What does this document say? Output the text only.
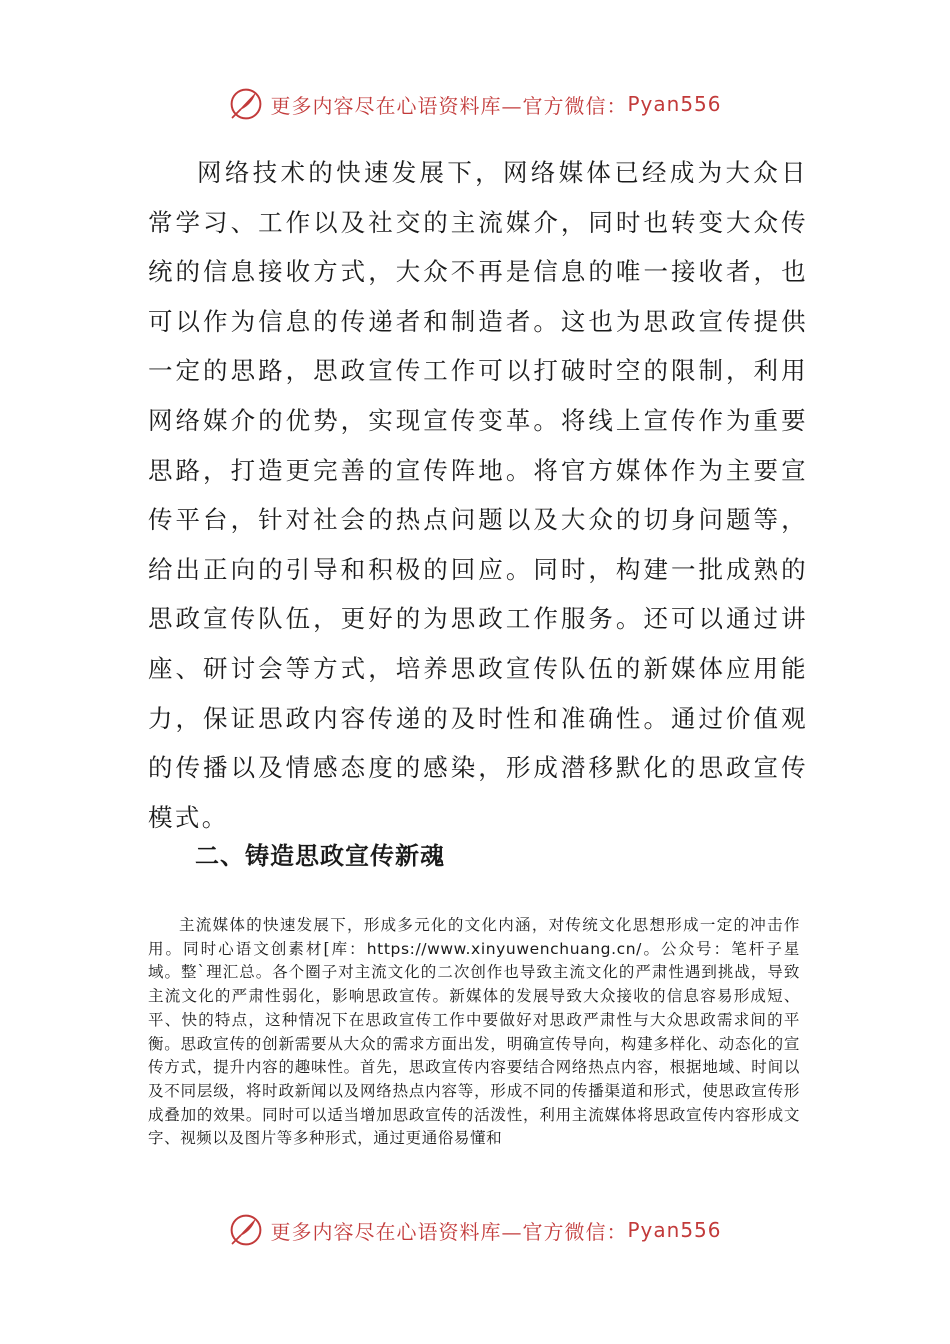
更多内容尽在心语资料库—官方微信： Pyan556

网络技术的快速发展下，网络媒体已经成为大众日常学习、工作以及社交的主流媒介，同时也转变大众传统的信息接收方式，大众不再是信息的唯一接收者，也可以作为信息的传递者和制造者。这也为思政宣传提供一定的思路，思政宣传工作可以打破时空的限制，利用网络媒介的优势，实现宣传变革。将线上宣传作为重要思路，打造更完善的宣传阵地。将官方媒体作为主要宣传平台，针对社会的热点问题以及大众的切身问题等，给出正向的引导和积极的回应。同时，构建一批成熟的思政宣传队伍，更好的为思政工作服务。还可以通过讲座、研讨会等方式，培养思政宣传队伍的新媒体应用能力，保证思政内容传递的及时性和准确性。通过价值观的传播以及情感态度的感染，形成潜移默化的思政宣传模式。

二、铸造思政宣传新魂

主流媒体的快速发展下，形成多元化的文化内涵，对传统文化思想形成一定的冲击作用。同时心语文创素材[库：https://www.xinyuwenchuang.cn/。公众号：笔杆子星域。整`理汇总。各个圈子对主流文化的二次创作也导致主流文化的严肃性遇到挑战，导致主流文化的严肃性弱化，影响思政宣传。新媒体的发展导致大众接收的信息容易形成短、平、快的特点，这种情况下在思政宣传工作中要做好对思政严肃性与大众思政需求间的平衡。思政宣传的创新需要从大众的需求方面出发，明确宣传导向，构建多样化、动态化的宣传方式，提升内容的趣味性。首先，思政宣传内容要结合网络热点内容，根据地域、时间以及不同层级，将时政新闻以及网络热点内容等，形成不同的传播渠道和形式，使思政宣传形成叠加的效果。同时可以适当增加思政宣传的活泼性，利用主流媒体将思政宣传内容形成文字、视频以及图片等多种形式，通过更通俗易懂和

更多内容尽在心语资料库—官方微信： Pyan556
